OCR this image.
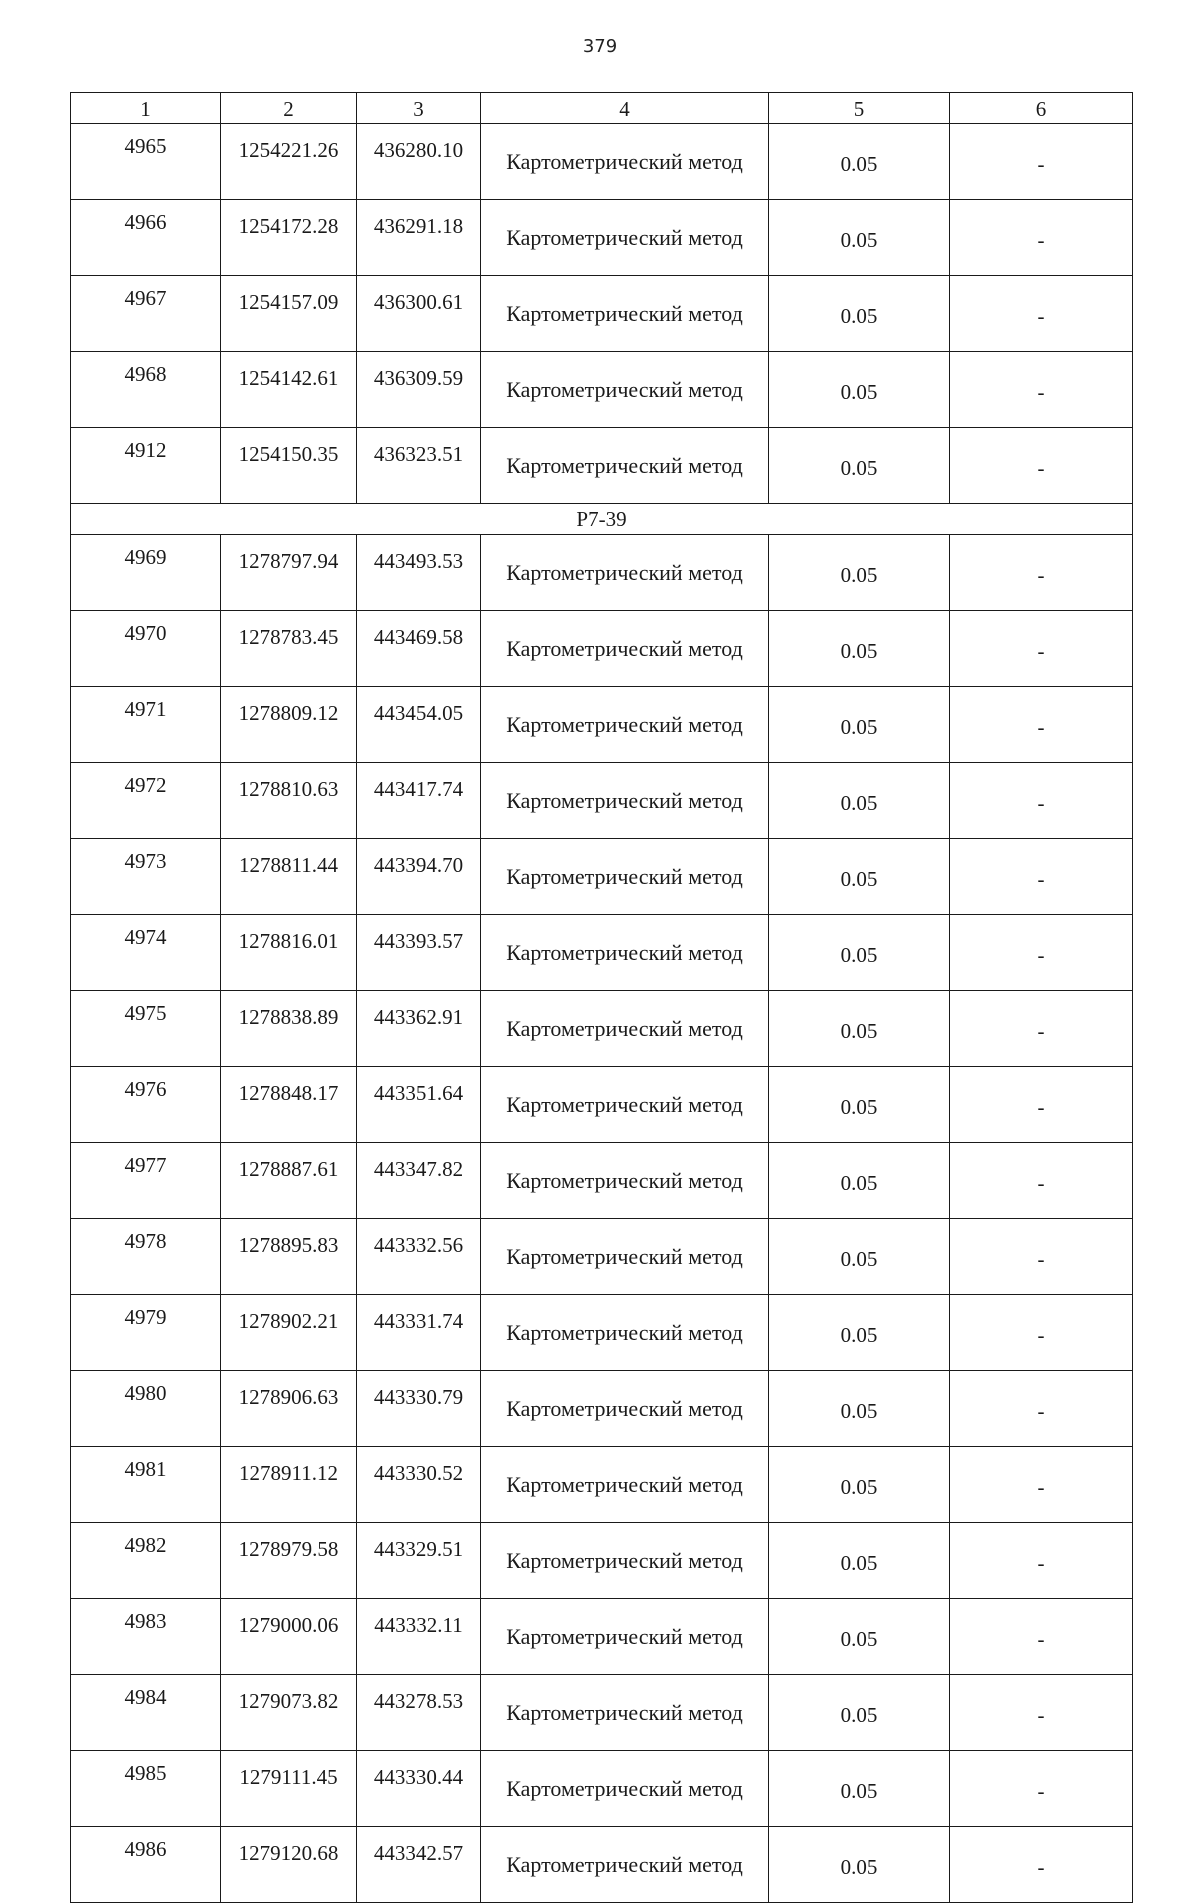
379
1	2	3	4	5	6
4965	1254221.26	436280.10	Картометрический метод	0.05	-
4966	1254172.28	436291.18	Картометрический метод	0.05	-
4967	1254157.09	436300.61	Картометрический метод	0.05	-
4968	1254142.61	436309.59	Картометрический метод	0.05	-
4912	1254150.35	436323.51	Картометрический метод	0.05	-
Р7-39					
4969	1278797.94	443493.53	Картометрический метод	0.05	-
4970	1278783.45	443469.58	Картометрический метод	0.05	-
4971	1278809.12	443454.05	Картометрический метод	0.05	-
4972	1278810.63	443417.74	Картометрический метод	0.05	-
4973	1278811.44	443394.70	Картометрический метод	0.05	-
4974	1278816.01	443393.57	Картометрический метод	0.05	-
4975	1278838.89	443362.91	Картометрический метод	0.05	-
4976	1278848.17	443351.64	Картометрический метод	0.05	-
4977	1278887.61	443347.82	Картометрический метод	0.05	-
4978	1278895.83	443332.56	Картометрический метод	0.05	-
4979	1278902.21	443331.74	Картометрический метод	0.05	-
4980	1278906.63	443330.79	Картометрический метод	0.05	-
4981	1278911.12	443330.52	Картометрический метод	0.05	-
4982	1278979.58	443329.51	Картометрический метод	0.05	-
4983	1279000.06	443332.11	Картометрический метод	0.05	-
4984	1279073.82	443278.53	Картометрический метод	0.05	-
4985	1279111.45	443330.44	Картометрический метод	0.05	-
4986	1279120.68	443342.57	Картометрический метод	0.05	-
